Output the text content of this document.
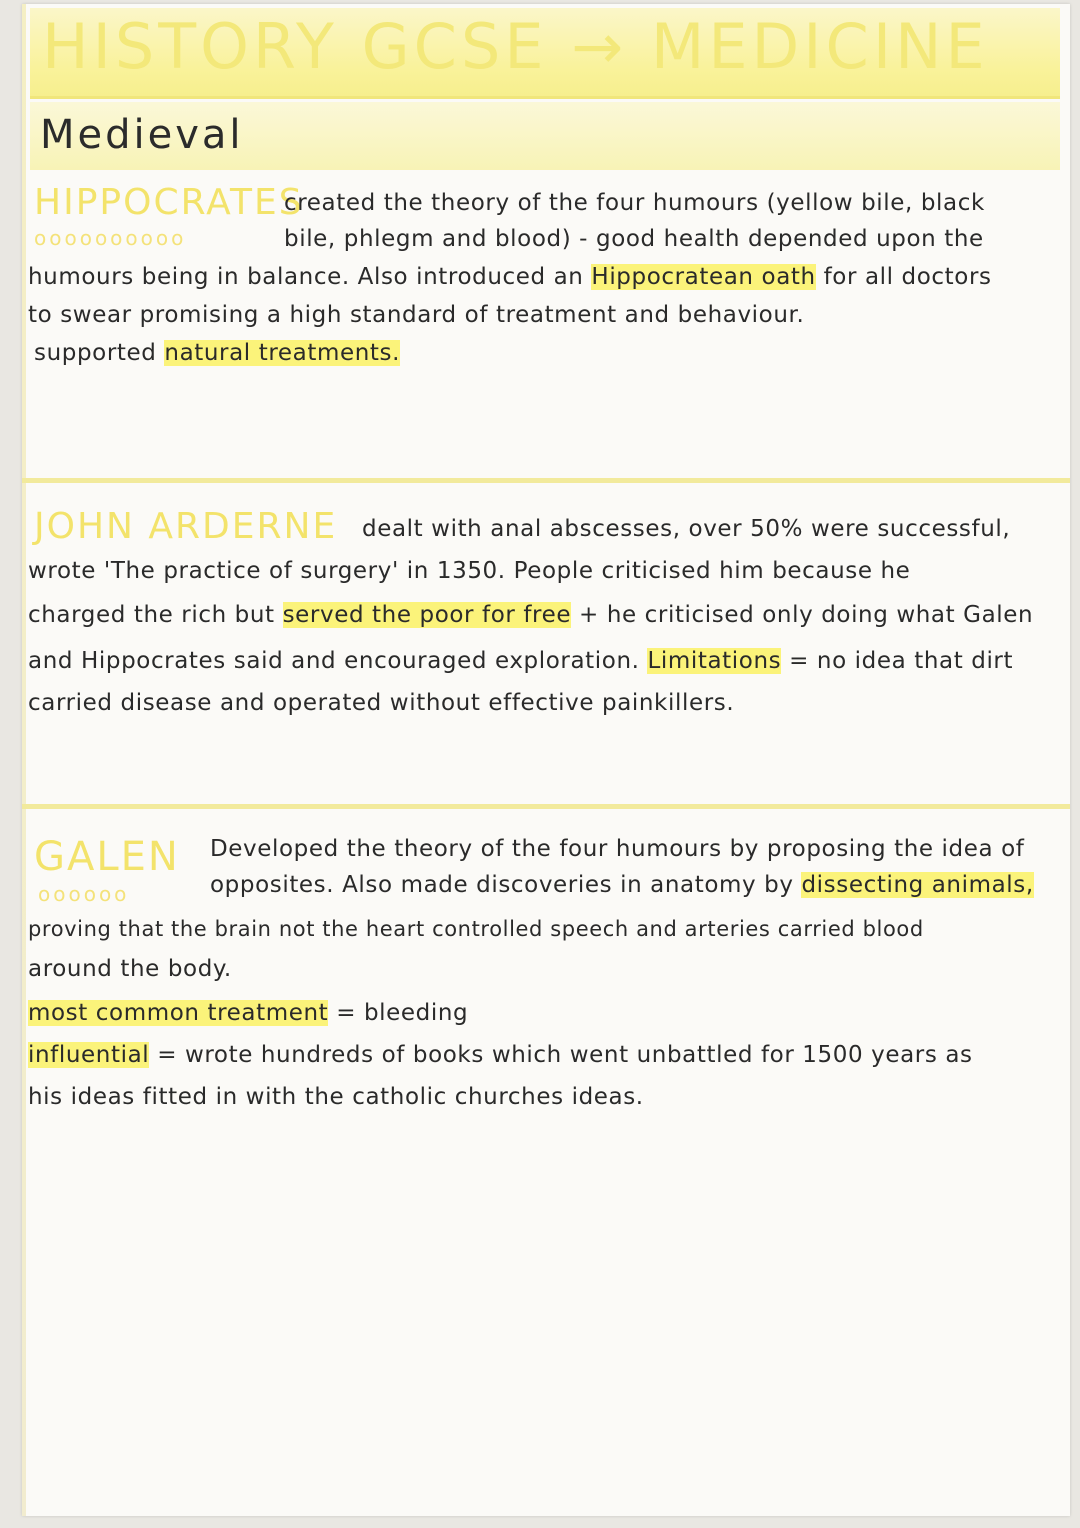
HISTORY GCSE → MEDICINE
Medieval
HIPPOCRATES
oooooooooo
created the theory of the four humours (yellow bile, black
bile, phlegm and blood) - good health depended upon the
humours being in balance. Also introduced an Hippocratean oath for all doctors
to swear promising a high standard of treatment and behaviour.
supported natural treatments.
JOHN ARDERNE dealt with anal abscesses, over 50% were successful,
wrote 'The practice of surgery' in 1350. People criticised him because he
charged the rich but served the poor for free + he criticised only doing what Galen
and Hippocrates said and encouraged exploration. Limitations = no idea that dirt
carried disease and operated without effective painkillers.
GALEN
oooooo
Developed the theory of the four humours by proposing the idea of
opposites. Also made discoveries in anatomy by dissecting animals,
proving that the brain not the heart controlled speech and arteries carried blood
around the body.
most common treatment = bleeding
influential = wrote hundreds of books which went unbattled for 1500 years as
his ideas fitted in with the catholic churches ideas.
